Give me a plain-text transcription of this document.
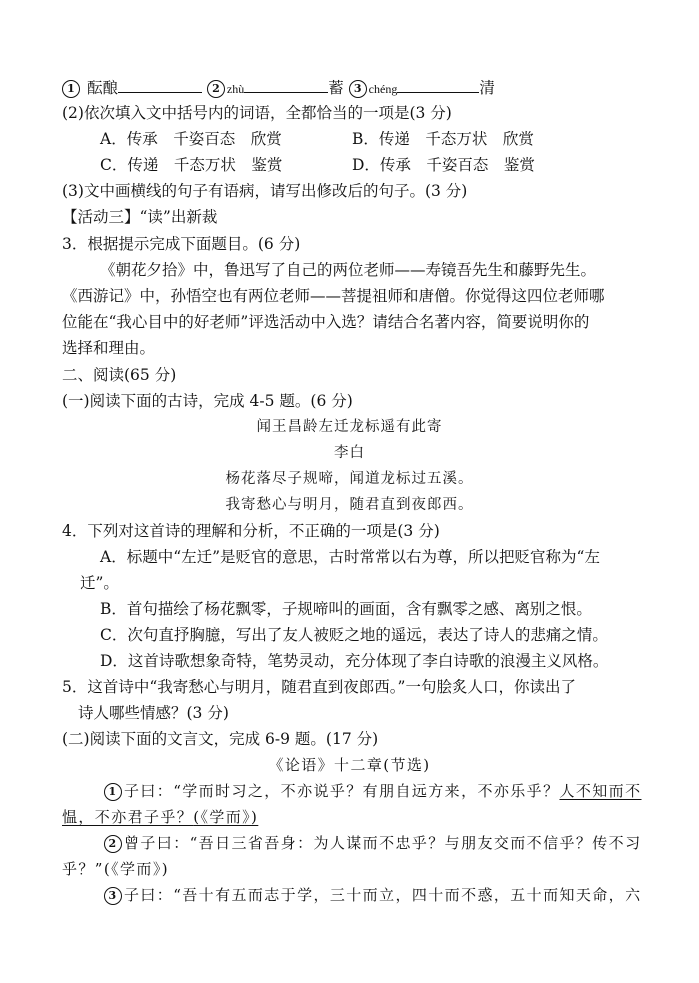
1 酝酿	2 zhù	蓄 3 chéng	清
(2)依次填入文中括号内的词语，全都恰当的一项是(3 分)
A．传承　千姿百态　欣赏	B．传递　千态万状　欣赏
C．传递　千态万状　鉴赏	D．传承　千姿百态　鉴赏
(3)文中画横线的句子有语病，请写出修改后的句子。(3 分)
【活动三】“读”出新裁
3．根据提示完成下面题目。(6 分)
《朝花夕拾》中，鲁迅写了自己的两位老师——寿镜吾先生和藤野先生。
《西游记》中，孙悟空也有两位老师——菩提祖师和唐僧。你觉得这四位老师哪
位能在“我心目中的好老师”评选活动中入选？请结合名著内容，简要说明你的
选择和理由。
二、阅读(65 分)
(一)阅读下面的古诗，完成 4-5 题。(6 分)
闻王昌龄左迁龙标遥有此寄
李白
杨花落尽子规啼，闻道龙标过五溪。
我寄愁心与明月，随君直到夜郎西。
4．下列对这首诗的理解和分析，不正确的一项是(3 分)
A．标题中“左迁”是贬官的意思，古时常常以右为尊，所以把贬官称为“左
迁”。
B．首句描绘了杨花飘零，子规啼叫的画面，含有飘零之感、离别之恨。
C．次句直抒胸臆，写出了友人被贬之地的遥远，表达了诗人的悲痛之情。
D．这首诗歌想象奇特，笔势灵动，充分体现了李白诗歌的浪漫主义风格。
5．这首诗中“我寄愁心与明月，随君直到夜郎西。”一句脍炙人口，你读出了
诗人哪些情感？(3 分)
(二)阅读下面的文言文，完成 6-9 题。(17 分)
《论语》十二章(节选)
1 子曰：“学而时习之，不亦说乎？有朋自远方来，不亦乐乎？人不知而不
愠，不亦君子乎？(《学而》)
2 曾子曰：“吾日三省吾身：为人谋而不忠乎？与朋友交而不信乎？传不习
乎？”(《学而》)
3 子曰：“吾十有五而志于学，三十而立，四十而不惑，五十而知天命，六
